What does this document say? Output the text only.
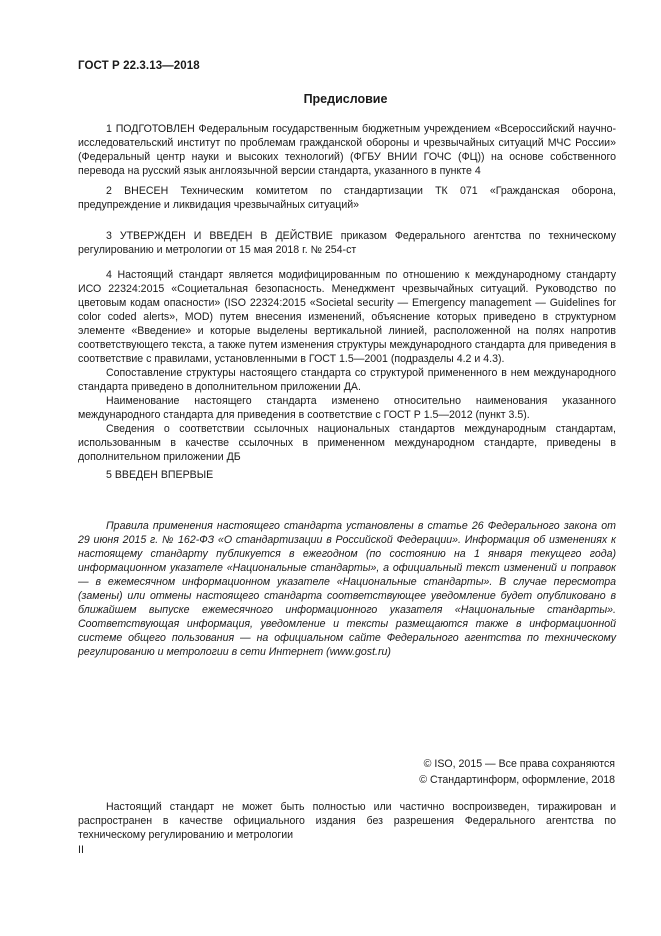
ГОСТ Р 22.3.13—2018
Предисловие

1 ПОДГОТОВЛЕН Федеральным государственным бюджетным учреждением «Всероссийский научно-исследовательский институт по проблемам гражданской обороны и чрезвычайных ситуаций МЧС России» (Федеральный центр науки и высоких технологий) (ФГБУ ВНИИ ГОЧС (ФЦ)) на основе собственного перевода на русский язык англоязычной версии стандарта, указанного в пункте 4

2 ВНЕСЕН Техническим комитетом по стандартизации ТК 071 «Гражданская оборона, предупреждение и ликвидация чрезвычайных ситуаций»

3 УТВЕРЖДЕН И ВВЕДЕН В ДЕЙСТВИЕ приказом Федерального агентства по техническому регулированию и метрологии от 15 мая 2018 г. № 254-ст

4 Настоящий стандарт является модифицированным по отношению к международному стандарту ИСО 22324:2015 «Социетальная безопасность. Менеджмент чрезвычайных ситуаций. Руководство по цветовым кодам опасности» (ISO 22324:2015 «Societal security — Emergency management — Guidelines for color coded alerts», MOD) путем внесения изменений, объяснение которых приведено в структурном элементе «Введение» и которые выделены вертикальной линией, расположенной на полях напротив соответствующего текста, а также путем изменения структуры международного стандарта для приведения в соответствие с правилами, установленными в ГОСТ 1.5—2001 (подразделы 4.2 и 4.3).

Сопоставление структуры настоящего стандарта со структурой примененного в нем международного стандарта приведено в дополнительном приложении ДА.

Наименование настоящего стандарта изменено относительно наименования указанного международного стандарта для приведения в соответствие с ГОСТ Р 1.5—2012 (пункт 3.5).

Сведения о соответствии ссылочных национальных стандартов международным стандартам, использованным в качестве ссылочных в примененном международном стандарте, приведены в дополнительном приложении ДБ

5 ВВЕДЕН ВПЕРВЫЕ

Правила применения настоящего стандарта установлены в статье 26 Федерального закона от 29 июня 2015 г. № 162-ФЗ «О стандартизации в Российской Федерации». Информация об изменениях к настоящему стандарту публикуется в ежегодном (по состоянию на 1 января текущего года) информационном указателе «Национальные стандарты», а официальный текст изменений и поправок — в ежемесячном информационном указателе «Национальные стандарты». В случае пересмотра (замены) или отмены настоящего стандарта соответствующее уведомление будет опубликовано в ближайшем выпуске ежемесячного информационного указателя «Национальные стандарты». Соответствующая информация, уведомление и тексты размещаются также в информационной системе общего пользования — на официальном сайте Федерального агентства по техническому регулированию и метрологии в сети Интернет (www.gost.ru)

© ISO, 2015 — Все права сохраняются
© Стандартинформ, оформление, 2018

Настоящий стандарт не может быть полностью или частично воспроизведен, тиражирован и распространен в качестве официального издания без разрешения Федерального агентства по техническому регулированию и метрологии

II
